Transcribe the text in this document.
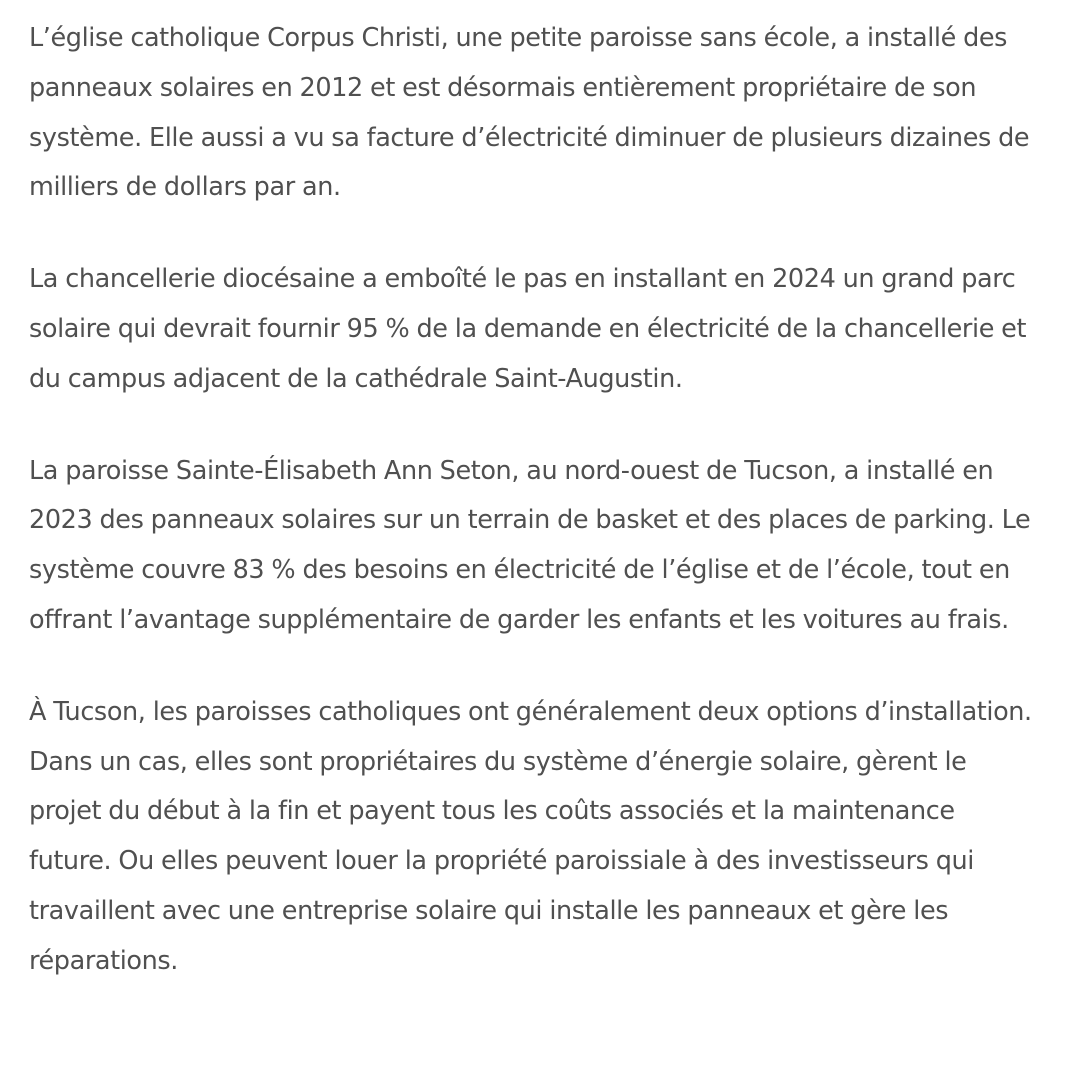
L’église catholique Corpus Christi, une petite paroisse sans école, a installé des panneaux solaires en 2012 et est désormais entièrement propriétaire de son système. Elle aussi a vu sa facture d’électricité diminuer de plusieurs dizaines de milliers de dollars par an.

La chancellerie diocésaine a emboîté le pas en installant en 2024 un grand parc solaire qui devrait fournir 95 % de la demande en électricité de la chancellerie et du campus adjacent de la cathédrale Saint-Augustin.

La paroisse Sainte-Élisabeth Ann Seton, au nord-ouest de Tucson, a installé en 2023 des panneaux solaires sur un terrain de basket et des places de parking. Le système couvre 83 % des besoins en électricité de l’église et de l’école, tout en offrant l’avantage supplémentaire de garder les enfants et les voitures au frais.

À Tucson, les paroisses catholiques ont généralement deux options d’installation. Dans un cas, elles sont propriétaires du système d’énergie solaire, gèrent le projet du début à la fin et payent tous les coûts associés et la maintenance future. Ou elles peuvent louer la propriété paroissiale à des investisseurs qui travaillent avec une entreprise solaire qui installe les panneaux et gère les réparations.
